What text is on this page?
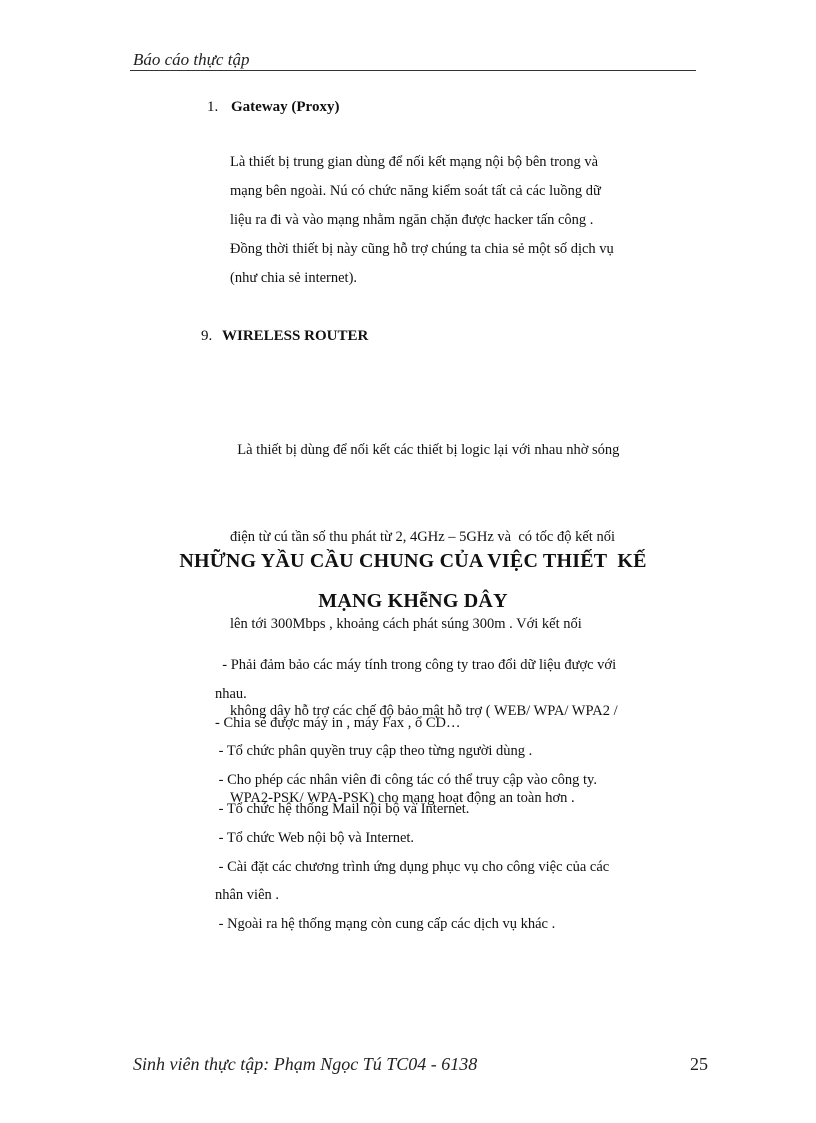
Báo cáo thực tập
1. Gateway (Proxy)
Là thiết bị trung gian dùng để nối kết mạng nội bộ bên trong và
mạng bên ngoài. Nú có chức năng kiểm soát tất cả các luồng dữ
liệu ra đi và vào mạng nhằm ngăn chặn được hacker tấn công .
Đồng thời thiết bị này cũng hỗ trợ chúng ta chia sẻ một số dịch vụ
(như chia sẻ internet).
9. WIRELESS ROUTER

Là thiết bị dùng để nối kết các thiết bị logic lại với nhau nhờ sóng

điện từ cú tần số thu phát từ 2, 4GHz – 5GHz và  có tốc độ kết nối

lên tới 300Mbps , khoảng cách phát súng 300m . Với kết nối

không dây hỗ trợ các chế độ bảo mật hỗ trợ ( WEB/ WPA/ WPA2 /

WPA2-PSK/ WPA-PSK) cho mạng hoạt động an toàn hơn .

NHỮNG YẦU CẦU CHUNG CỦA VIỆC THIẾT  KẾ
MẠNG KHễNG DÂY
- Phải đảm bảo các máy tính trong công ty trao đổi dữ liệu được với
nhau.
- Chia sẻ được máy in , máy Fax , ổ CD…
- Tổ chức phân quyền truy cập theo từng người dùng .
- Cho phép các nhân viên đi công tác có thể truy cập vào công ty.
- Tổ chức hệ thống Mail nội bộ và Internet.
- Tổ chức Web nội bộ và Internet.
- Cài đặt các chương trình ứng dụng phục vụ cho công việc của các
nhân viên .
- Ngoài ra hệ thống mạng còn cung cấp các dịch vụ khác .
Sinh viên thực tập: Phạm Ngọc Tú TC04 - 6138	25
